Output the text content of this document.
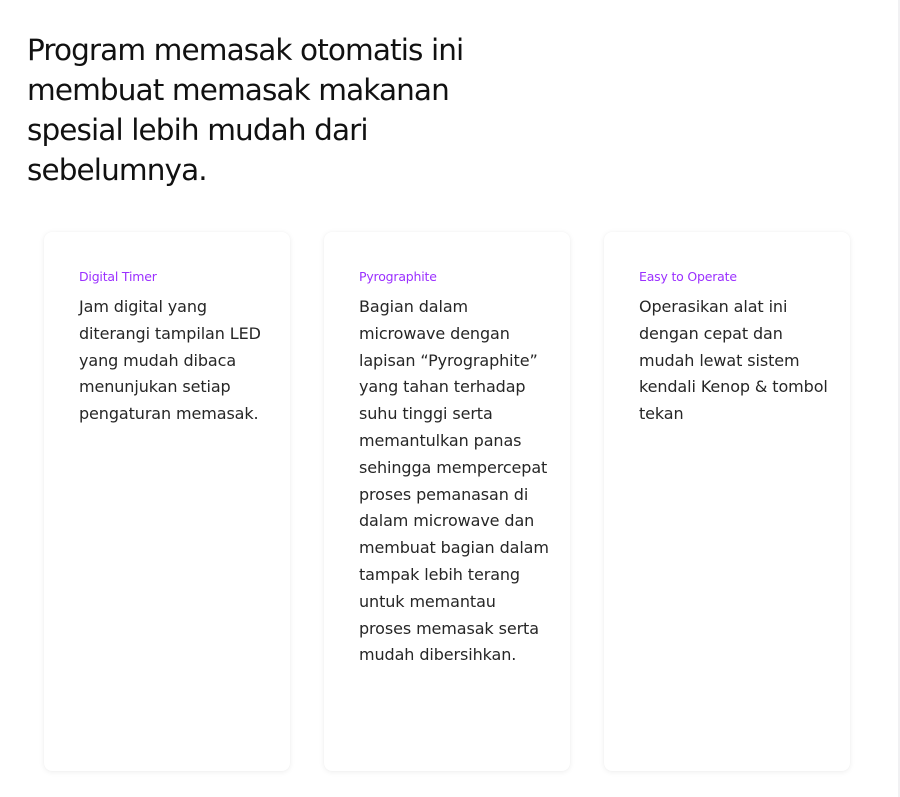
Program memasak otomatis ini membuat memasak makanan spesial lebih mudah dari sebelumnya.
Digital Timer

Jam digital yang diterangi tampilan LED yang mudah dibaca menunjukan setiap pengaturan memasak.

Pyrographite

Bagian dalam microwave dengan lapisan “Pyrographite” yang tahan terhadap suhu tinggi serta memantulkan panas sehingga mempercepat proses pemanasan di dalam microwave dan membuat bagian dalam tampak lebih terang untuk memantau proses memasak serta mudah dibersihkan.

Easy to Operate

Operasikan alat ini dengan cepat dan mudah lewat sistem kendali Kenop & tombol tekan
